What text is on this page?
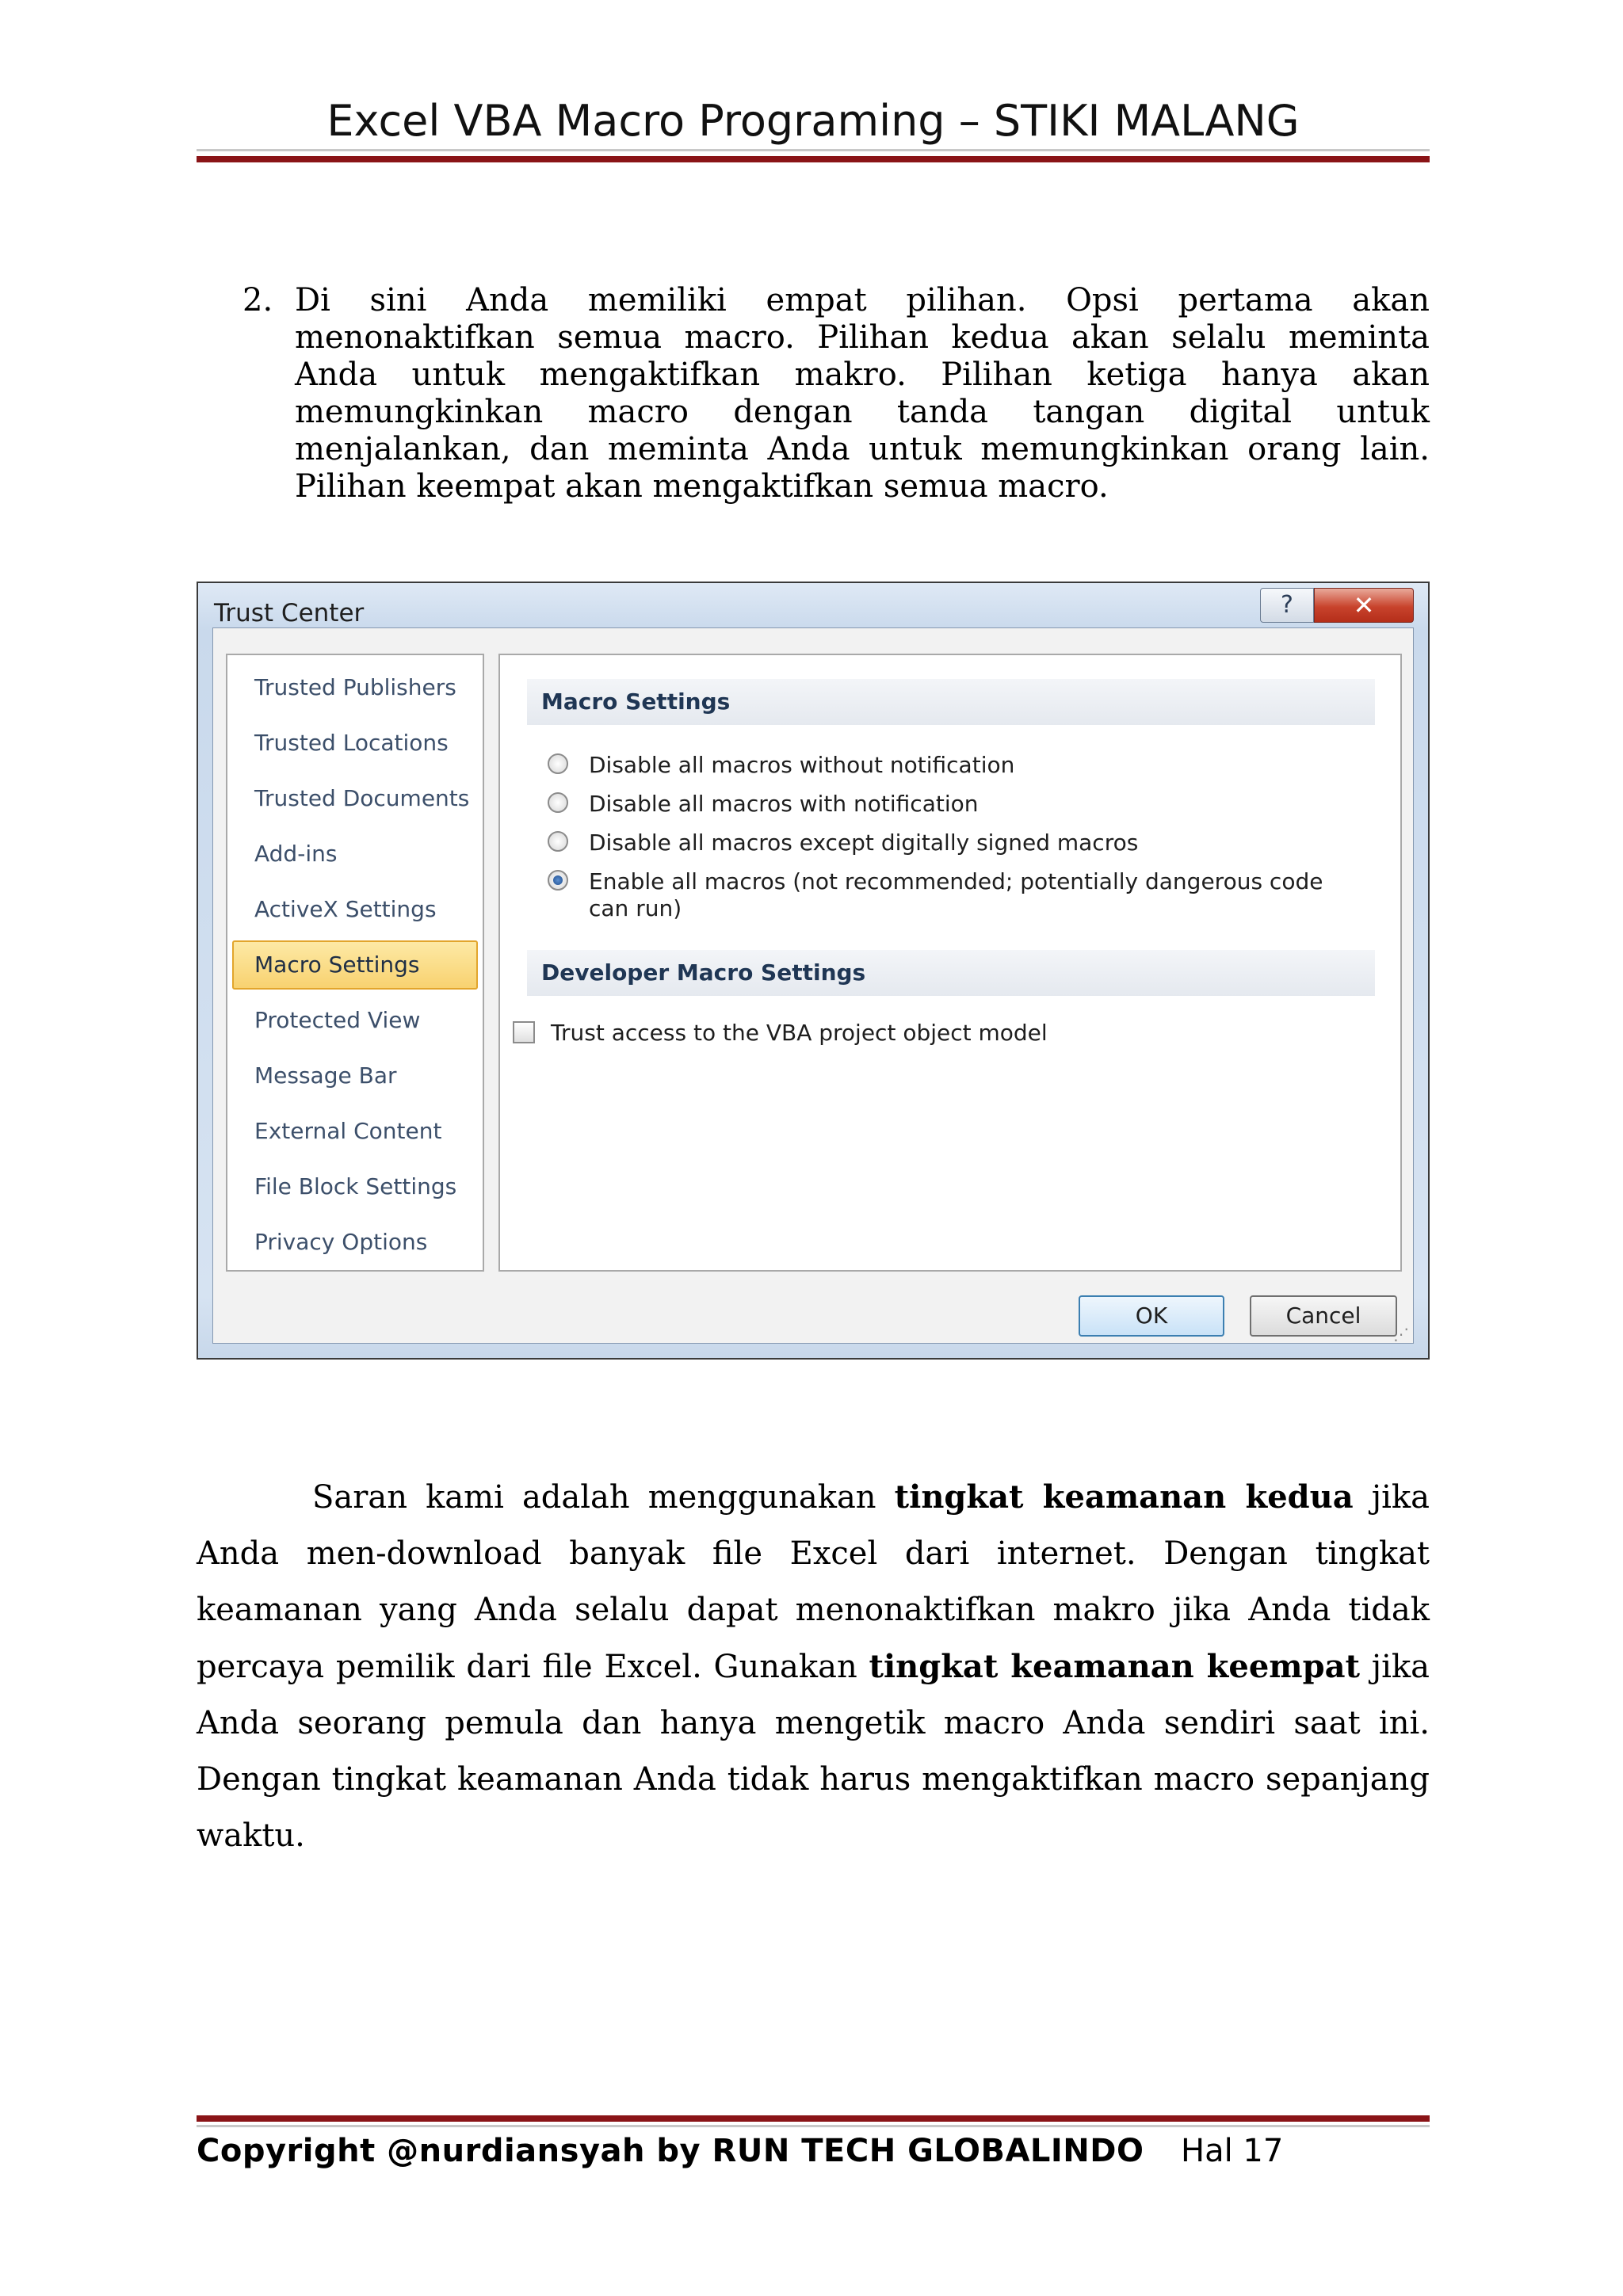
Excel VBA Macro Programing – STIKI MALANG
2. Di sini Anda memiliki empat pilihan. Opsi pertama akan menonaktifkan semua macro. Pilihan kedua akan selalu meminta Anda untuk mengaktifkan makro. Pilihan ketiga hanya akan memungkinkan macro dengan tanda tangan digital untuk menjalankan, dan meminta Anda untuk memungkinkan orang lain. Pilihan keempat akan mengaktifkan semua macro.
Trust Center	?	✕
Trusted Publishers
Trusted Locations
Trusted Documents
Add-ins
ActiveX Settings
Macro Settings
Protected View
Message Bar
External Content
File Block Settings
Privacy Options
Macro Settings
Disable all macros without notification
Disable all macros with notification
Disable all macros except digitally signed macros
Enable all macros (not recommended; potentially dangerous code can run)
Developer Macro Settings
Trust access to the VBA project object model
OK	Cancel
⋰
Saran kami adalah menggunakan tingkat keamanan kedua jika Anda men-download banyak file Excel dari internet. Dengan tingkat keamanan yang Anda selalu dapat menonaktifkan makro jika Anda tidak percaya pemilik dari file Excel. Gunakan tingkat keamanan keempat jika Anda seorang pemula dan hanya mengetik macro Anda sendiri saat ini. Dengan tingkat keamanan Anda tidak harus mengaktifkan macro sepanjang waktu.
Copyright @nurdiansyah by RUN TECH GLOBALINDO Hal 17
